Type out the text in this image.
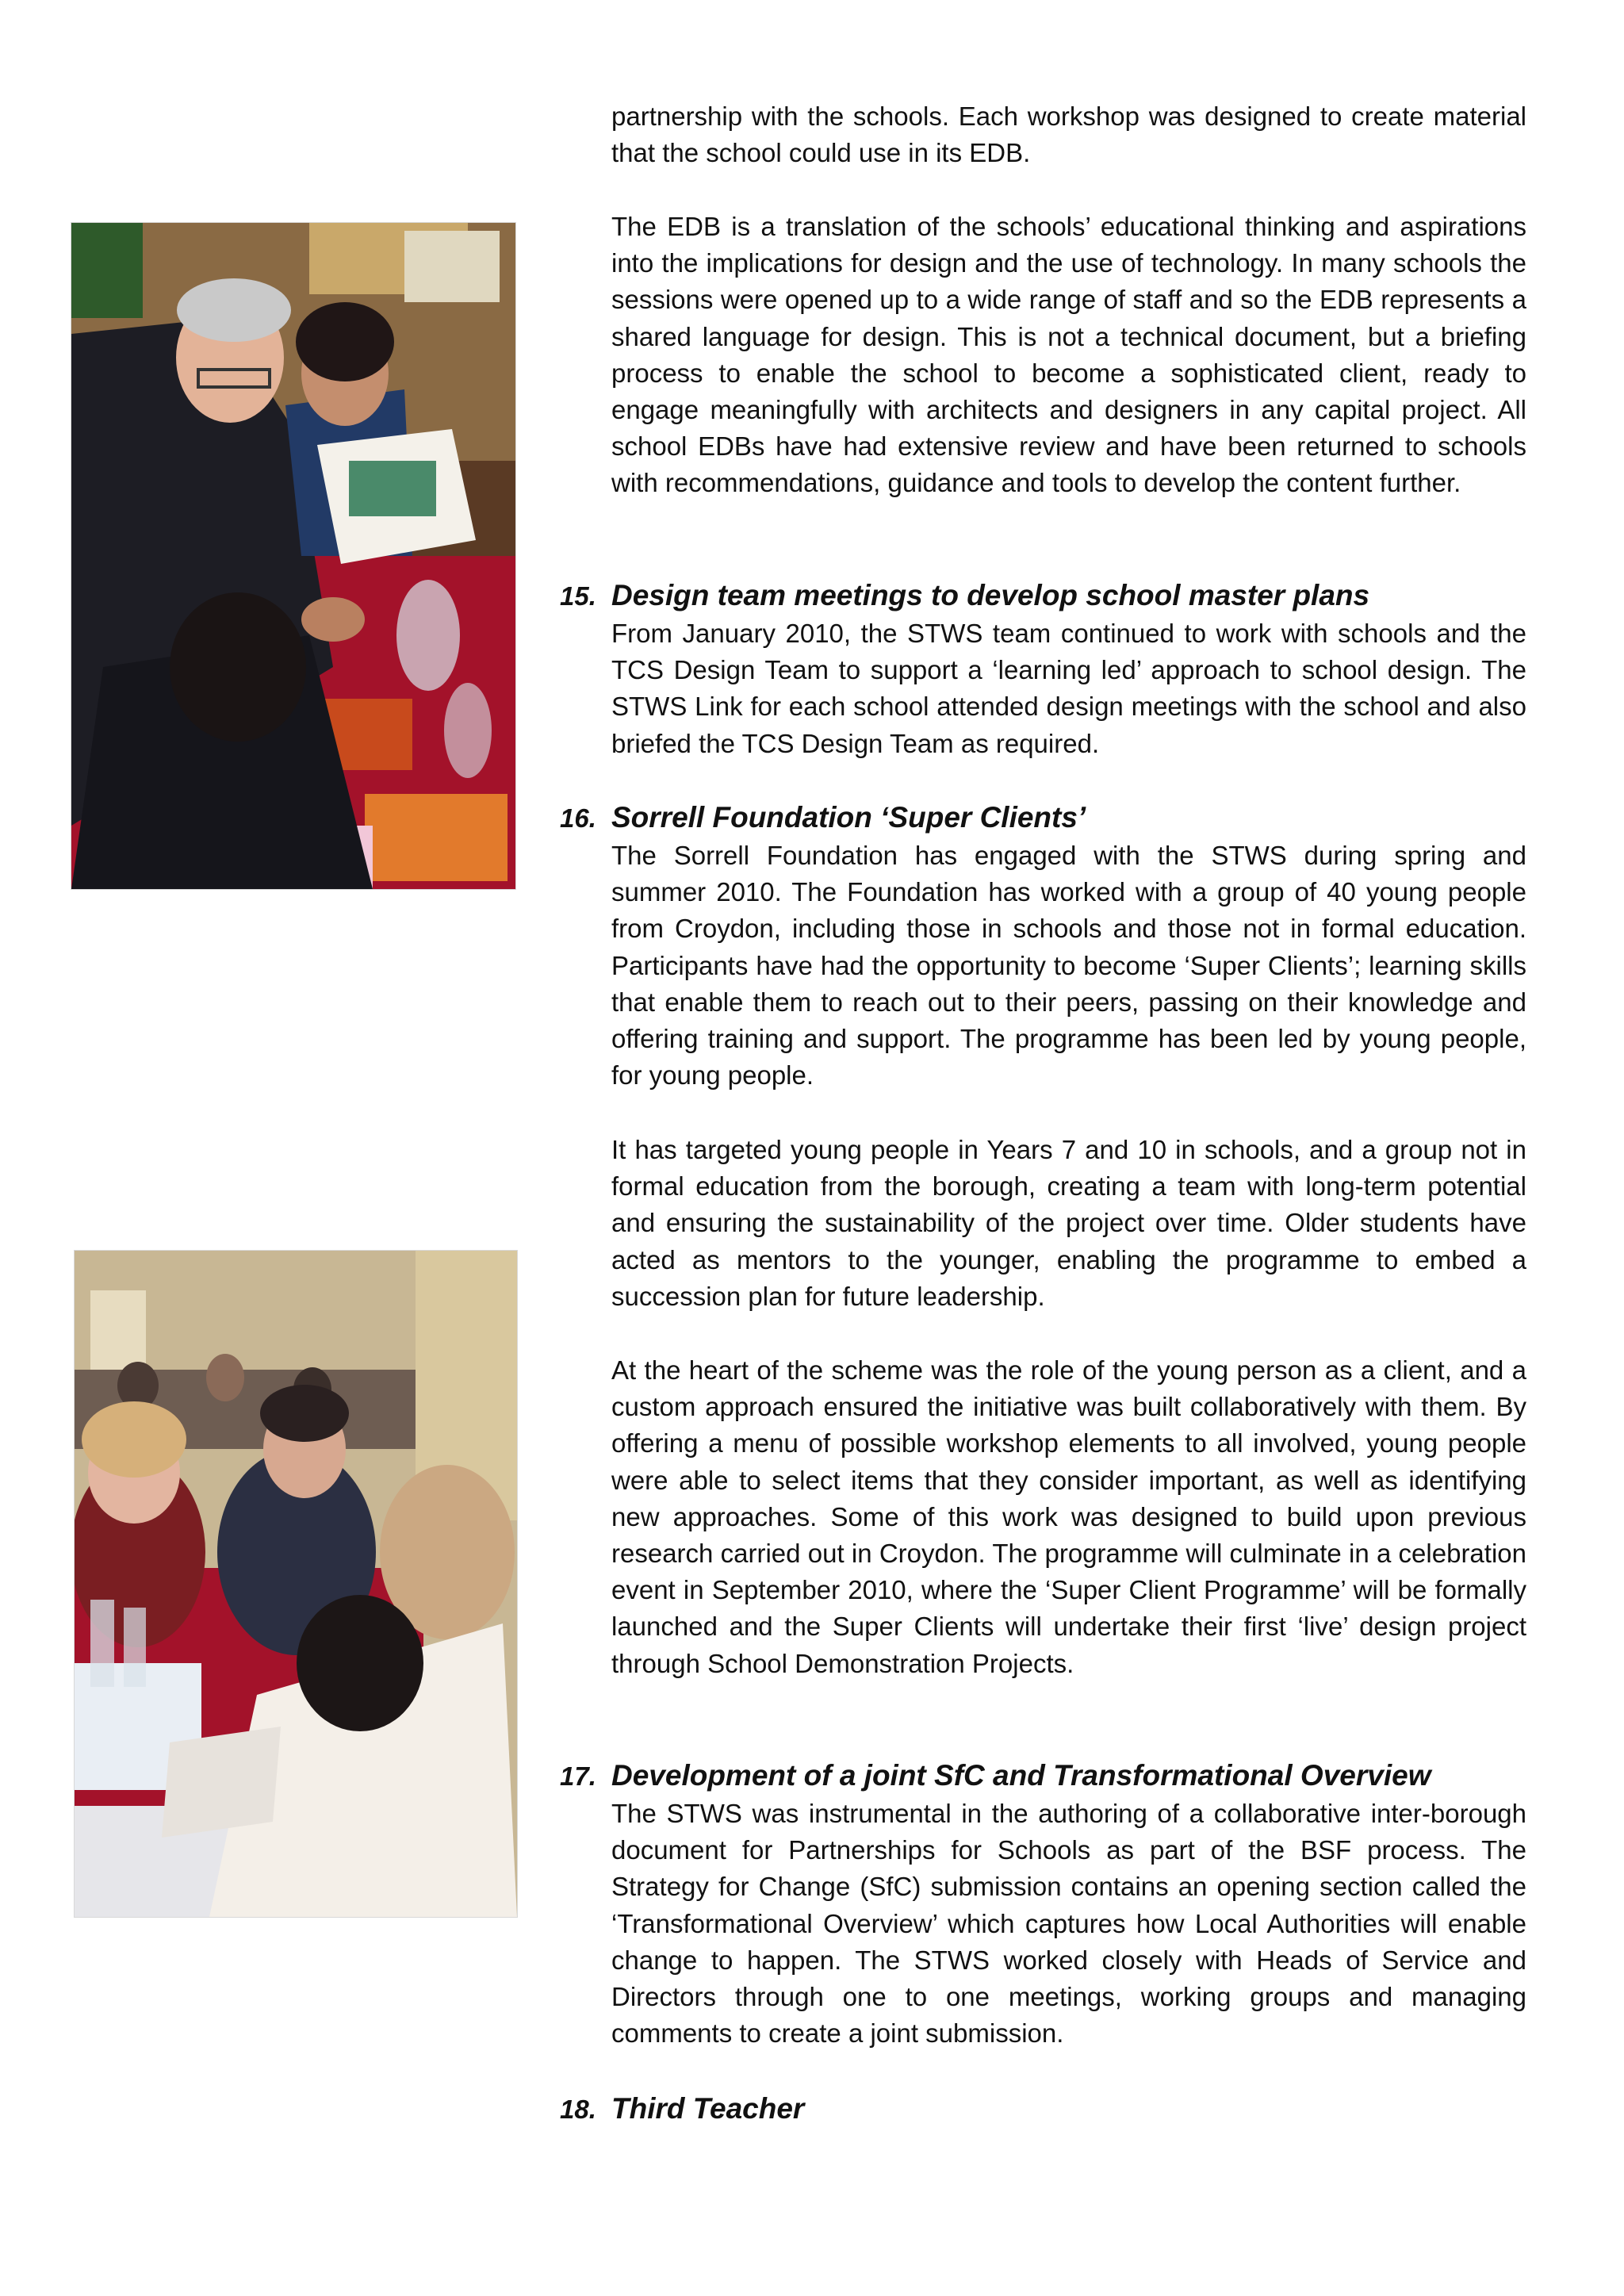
partnership with the schools. Each workshop was designed to create material that the school could use in its EDB.

The EDB is a translation of the schools’ educational thinking and aspirations into the implications for design and the use of technology. In many schools the sessions were opened up to a wide range of staff and so the EDB represents a shared language for design. This is not a technical document, but a briefing process to enable the school to become a sophisticated client, ready to engage meaningfully with architects and designers in any capital project. All school EDBs have had extensive review and have been returned to schools with recommendations, guidance and tools to develop the content further.

15. Design team meetings to develop school master plans

From January 2010, the STWS team continued to work with schools and the TCS Design Team to support a ‘learning led’ approach to school design. The STWS Link for each school attended design meetings with the school and also briefed the TCS Design Team as required.

16. Sorrell Foundation ‘Super Clients’

The Sorrell Foundation has engaged with the STWS during spring and summer 2010. The Foundation has worked with a group of 40 young people from Croydon, including those in schools and those not in formal education. Participants have had the opportunity to become ‘Super Clients’; learning skills that enable them to reach out to their peers, passing on their knowledge and offering training and support. The programme has been led by young people, for young people.

It has targeted young people in Years 7 and 10 in schools, and a group not in formal education from the borough, creating a team with long-term potential and ensuring the sustainability of the project over time. Older students have acted as mentors to the younger, enabling the programme to embed a succession plan for future leadership.

At the heart of the scheme was the role of the young person as a client, and a custom approach ensured the initiative was built collaboratively with them. By offering a menu of possible workshop elements to all involved, young people were able to select items that they consider important, as well as identifying new approaches. Some of this work was designed to build upon previous research carried out in Croydon. The programme will culminate in a celebration event in September 2010, where the ‘Super Client Programme’ will be formally launched and the Super Clients will undertake their first ‘live’ design project through School Demonstration Projects.

17. Development of a joint SfC and Transformational Overview

The STWS was instrumental in the authoring of a collaborative inter-borough document for Partnerships for Schools as part of the BSF process. The Strategy for Change (SfC) submission contains an opening section called the ‘Transformational Overview’ which captures how Local Authorities will enable change to happen. The STWS worked closely with Heads of Service and Directors through one to one meetings, working groups and managing comments to create a joint submission.

18. Third Teacher
